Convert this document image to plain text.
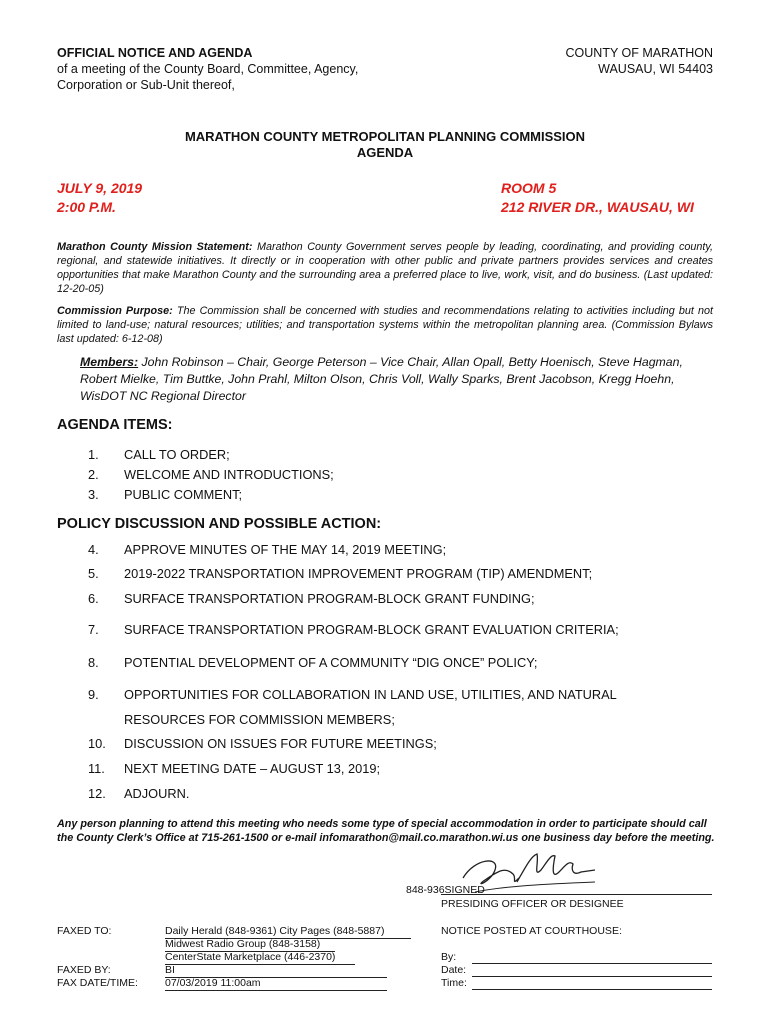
OFFICIAL NOTICE AND AGENDA
of a meeting of the County Board, Committee, Agency,
Corporation or Sub-Unit thereof,
COUNTY OF MARATHON
WAUSAU, WI 54403
MARATHON COUNTY METROPOLITAN PLANNING COMMISSION
AGENDA
JULY 9, 2019
2:00 P.M.
ROOM 5
212 RIVER DR., WAUSAU, WI
Marathon County Mission Statement: Marathon County Government serves people by leading, coordinating, and providing county, regional, and statewide initiatives. It directly or in cooperation with other public and private partners provides services and creates opportunities that make Marathon County and the surrounding area a preferred place to live, work, visit, and do business. (Last updated: 12-20-05)
Commission Purpose: The Commission shall be concerned with studies and recommendations relating to activities including but not limited to land-use; natural resources; utilities; and transportation systems within the metropolitan planning area. (Commission Bylaws last updated: 6-12-08)
Members: John Robinson – Chair, George Peterson – Vice Chair, Allan Opall, Betty Hoenisch, Steve Hagman, Robert Mielke, Tim Buttke, John Prahl, Milton Olson, Chris Voll, Wally Sparks, Brent Jacobson, Kregg Hoehn, WisDOT NC Regional Director
AGENDA ITEMS:
1. CALL TO ORDER;
2. WELCOME AND INTRODUCTIONS;
3. PUBLIC COMMENT;
POLICY DISCUSSION AND POSSIBLE ACTION:
4. APPROVE MINUTES OF THE MAY 14, 2019 MEETING;
5. 2019-2022 TRANSPORTATION IMPROVEMENT PROGRAM (TIP) AMENDMENT;
6. SURFACE TRANSPORTATION PROGRAM-BLOCK GRANT FUNDING;
7. SURFACE TRANSPORTATION PROGRAM-BLOCK GRANT EVALUATION CRITERIA;
8. POTENTIAL DEVELOPMENT OF A COMMUNITY “DIG ONCE” POLICY;
9. OPPORTUNITIES FOR COLLABORATION IN LAND USE, UTILITIES, AND NATURAL
RESOURCES FOR COMMISSION MEMBERS;
10. DISCUSSION ON ISSUES FOR FUTURE MEETINGS;
11. NEXT MEETING DATE – AUGUST 13, 2019;
12. ADJOURN.
Any person planning to attend this meeting who needs some type of special accommodation in order to participate should call the County Clerk’s Office at 715-261-1500 or e-mail infomarathon@mail.co.marathon.wi.us one business day before the meeting.
848-936SIGNED
PRESIDING OFFICER OR DESIGNEE
FAXED TO:	Daily Herald (848-9361) City Pages (848-5887)
Midwest Radio Group (848-3158)
CenterState Marketplace (446-2370)
FAXED BY:	BI
FAX DATE/TIME:	07/03/2019 11:00am
NOTICE POSTED AT COURTHOUSE:
By:
Date:
Time:
